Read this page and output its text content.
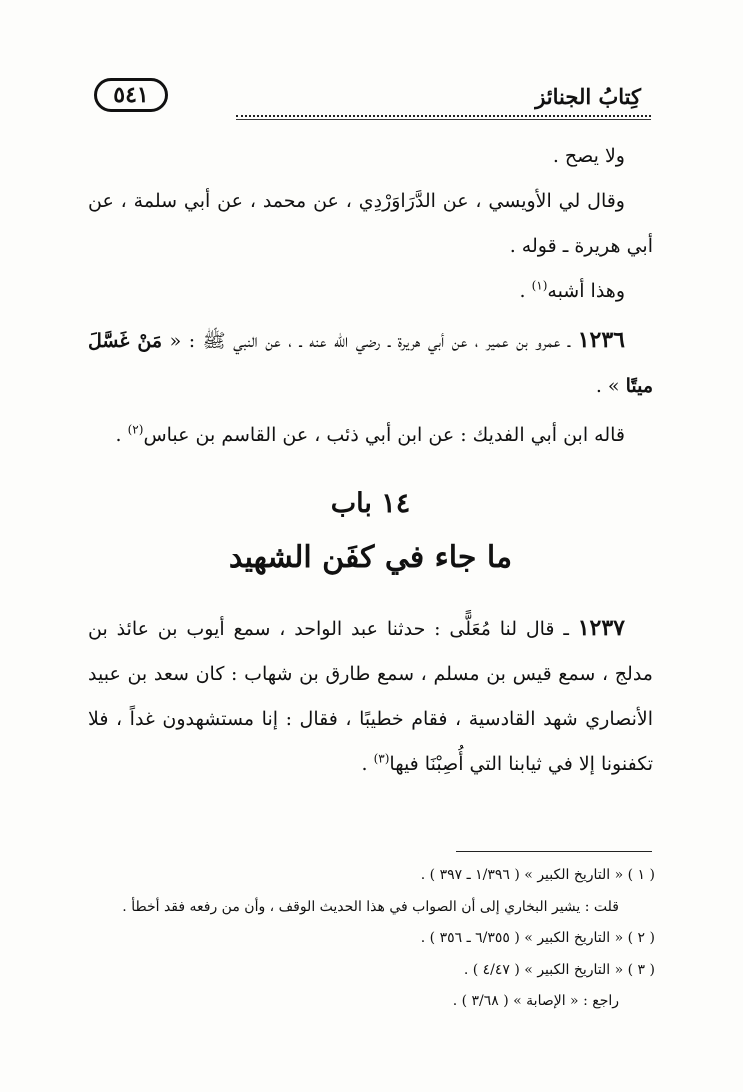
كِتابُ الجنائز
٥٤١

ولا يصح .

وقال لي الأويسي ، عن الدَّرَاوَرْدِي ، عن محمد ، عن أبي سلمة ، عن أبي هريرة ـ قوله .

وهذا أشبه$^{(١)}$ .

١٢٣٦ ـ عمرو بن عمير ، عن أبي هريرة ـ رضي الله عنه ـ ، عن النبي ﷺ : « مَنْ غَسَّلَ ميتًا » .

قاله ابن أبي الفديك : عن ابن أبي ذئب ، عن القاسم بن عباس$^{(٢)}$ .

١٤ باب
ما جاء في كفَن الشهيد

١٢٣٧ ـ قال لنا مُعَلًّى : حدثنا عبد الواحد ، سمع أيوب بن عائذ بن مدلج ، سمع قيس بن مسلم ، سمع طارق بن شهاب : كان سعد بن عبيد الأنصاري شهد القادسية ، فقام خطيبًا ، فقال : إنا مستشهدون غداً ، فلا تكفنونا إلا في ثيابنا التي أُصِبْنَا فيها$^{(٣)}$ .

( ١ ) « التاريخ الكبير » ( ١/٣٩٦ ـ ٣٩٧ ) .

قلت : يشير البخاري إلى أن الصواب في هذا الحديث الوقف ، وأن من رفعه فقد أخطأ .

( ٢ ) « التاريخ الكبير » ( ٦/٣٥٥ ـ ٣٥٦ ) .

( ٣ ) « التاريخ الكبير » ( ٤/٤٧ ) .

راجع : « الإصابة » ( ٣/٦٨ ) .
